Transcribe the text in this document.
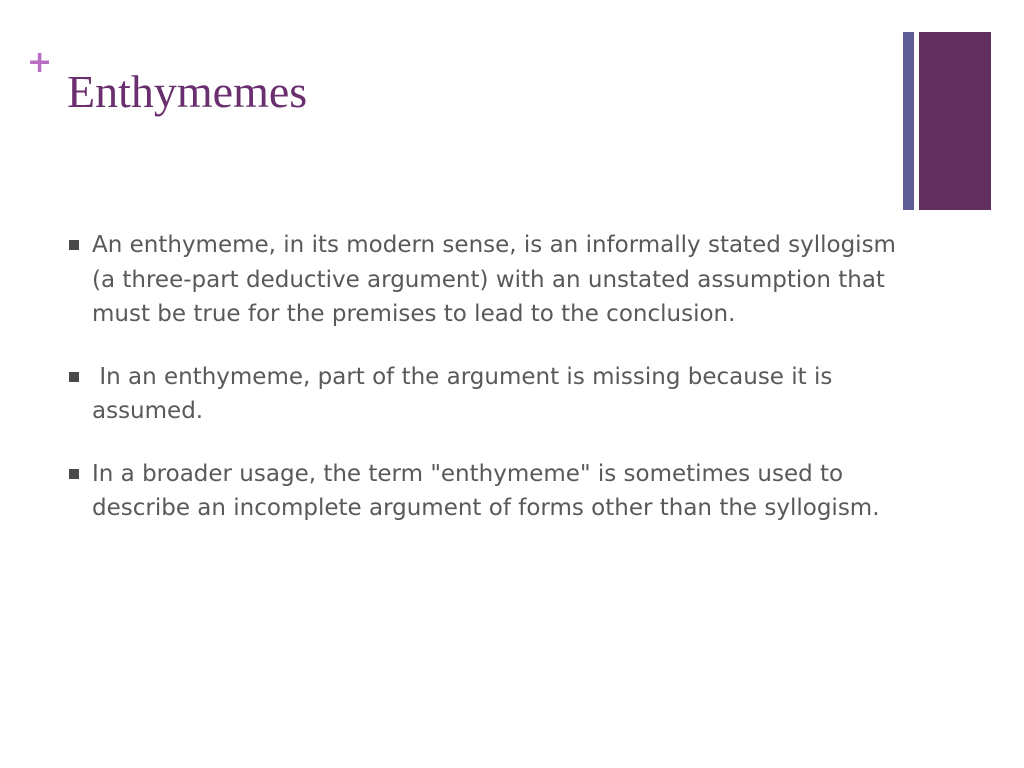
+
Enthymemes
An enthymeme, in its modern sense, is an informally stated syllogism (a three-part deductive argument) with an unstated assumption that must be true for the premises to lead to the conclusion.
In an enthymeme, part of the argument is missing because it is assumed.
In a broader usage, the term "enthymeme" is sometimes used to describe an incomplete argument of forms other than the syllogism.
